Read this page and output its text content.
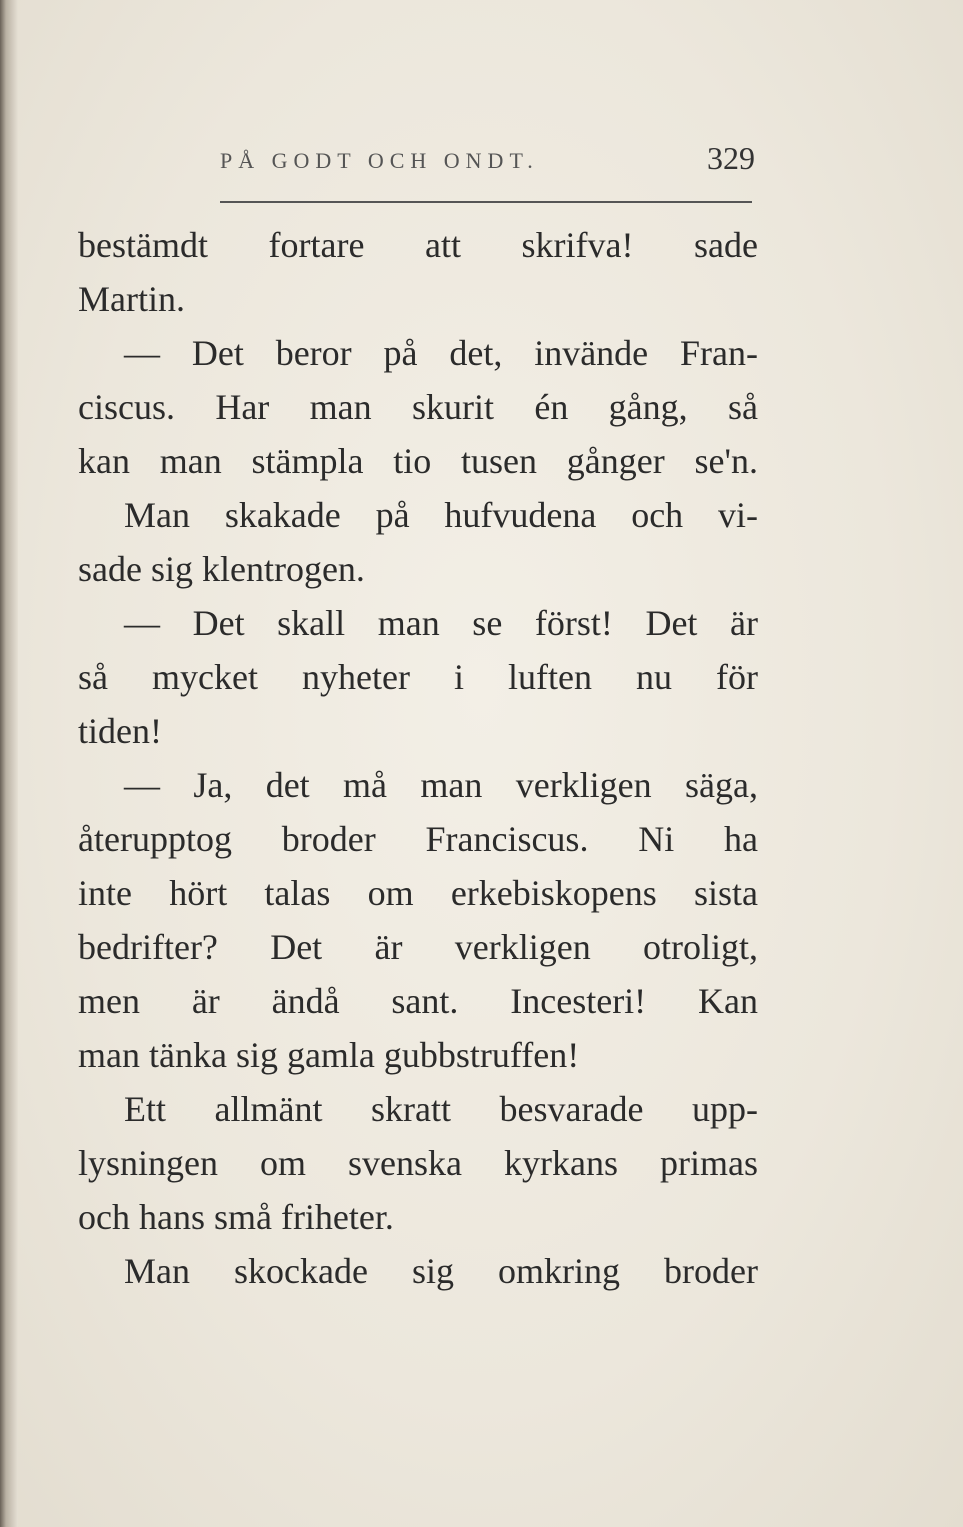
PÅ GODT OCH ONDT.	329
bestämdt fortare att skrifva! sade
Martin.
— Det beror på det, invände Fran-
ciscus. Har man skurit én gång, så
kan man stämpla tio tusen gånger se'n.
Man skakade på hufvudena och vi-
sade sig klentrogen.
— Det skall man se först! Det är
så mycket nyheter i luften nu för
tiden!
— Ja, det må man verkligen säga,
återupptog broder Franciscus. Ni ha
inte hört talas om erkebiskopens sista
bedrifter? Det är verkligen otroligt,
men är ändå sant. Incesteri! Kan
man tänka sig gamla gubbstruffen!
Ett allmänt skratt besvarade upp-
lysningen om svenska kyrkans primas
och hans små friheter.
Man skockade sig omkring broder
